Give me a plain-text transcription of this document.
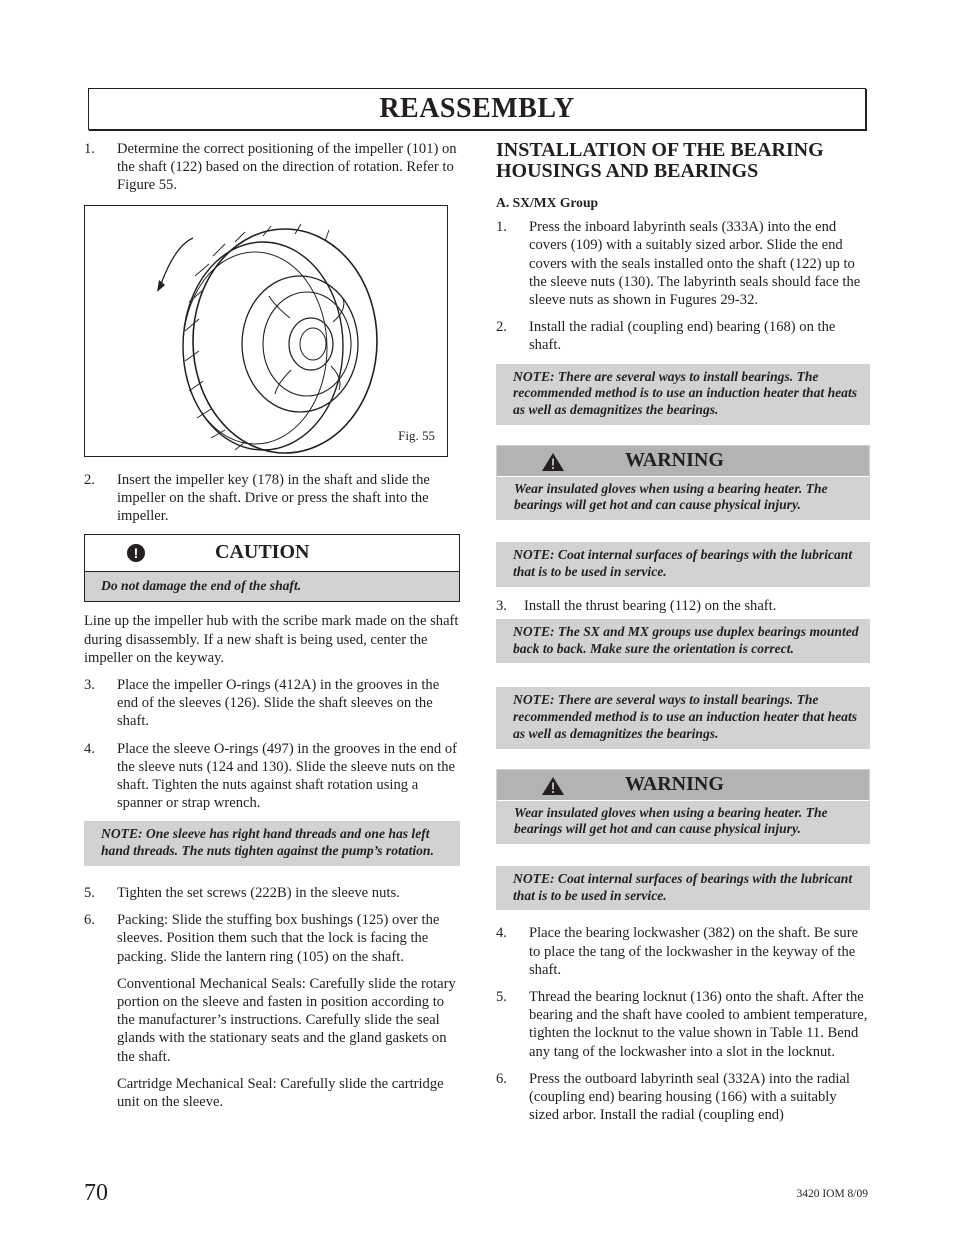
REASSEMBLY
1.	Determine the correct positioning of the impeller (101) on the shaft (122) based on the direction of rotation. Refer to Figure 55.
Fig. 55
2.	Insert the impeller key (178) in the shaft and slide the impeller on the shaft. Drive or press the shaft into the impeller.
!	CAUTION
Do not damage the end of the shaft.

Line up the impeller hub with the scribe mark made on the shaft during disassembly. If a new shaft is being used, center the impeller on the keyway.

3.	Place the impeller O-rings (412A) in the grooves in the end of the sleeves (126). Slide the shaft sleeves on the shaft.
4.	Place the sleeve O-rings (497) in the grooves in the end of the sleeve nuts (124 and 130). Slide the sleeve nuts on the shaft. Tighten the nuts against shaft rotation using a spanner or strap wrench.
NOTE: One sleeve has right hand threads and one has left hand threads. The nuts tighten against the pump’s rotation.
5.	Tighten the set screws (222B) in the sleeve nuts.
6.	Packing: Slide the stuffing box bushings (125) over the sleeves. Position them such that the lock is facing the packing. Slide the lantern ring (105) on the shaft.

Conventional Mechanical Seals: Carefully slide the rotary portion on the sleeve and fasten in position according to the manufacturer’s instructions. Carefully slide the seal glands with the stationary seats and the gland gaskets on the shaft.

Cartridge Mechanical Seal: Carefully slide the cartridge unit on the sleeve.

INSTALLATION OF THE BEARING HOUSINGS AND BEARINGS

A. SX/MX Group

1.	Press the inboard labyrinth seals (333A) into the end covers (109) with a suitably sized arbor. Slide the end covers with the seals installed onto the shaft (122) up to the sleeve nuts (130). The labyrinth seals should face the sleeve nuts as shown in Fugures 29-32.
2.	Install the radial (coupling end) bearing (168) on the shaft.
NOTE: There are several ways to install bearings. The recommended method is to use an induction heater that heats as well as demagnitizes the bearings.
WARNING
Wear insulated gloves when using a bearing heater. The bearings will get hot and can cause physical injury.
NOTE: Coat internal surfaces of bearings with the lubricant that is to be used in service.
3.	Install the thrust bearing (112) on the shaft.
NOTE: The SX and MX groups use duplex bearings mounted back to back. Make sure the orientation is correct.
NOTE: There are several ways to install bearings. The recommended method is to use an induction heater that heats as well as demagnitizes the bearings.
WARNING
Wear insulated gloves when using a bearing heater. The bearings will get hot and can cause physical injury.
NOTE: Coat internal surfaces of bearings with the lubricant that is to be used in service.
4.	Place the bearing lockwasher (382) on the shaft. Be sure to place the tang of the lockwasher in the keyway of the shaft.
5.	Thread the bearing locknut (136) onto the shaft. After the bearing and the shaft have cooled to ambient temperature, tighten the locknut to the value shown in Table 11. Bend any tang of the lockwasher into a slot in the locknut.
6.	Press the outboard labyrinth seal (332A) into the radial (coupling end) bearing housing (166) with a suitably sized arbor. Install the radial (coupling end)
70	3420 IOM 8/09
